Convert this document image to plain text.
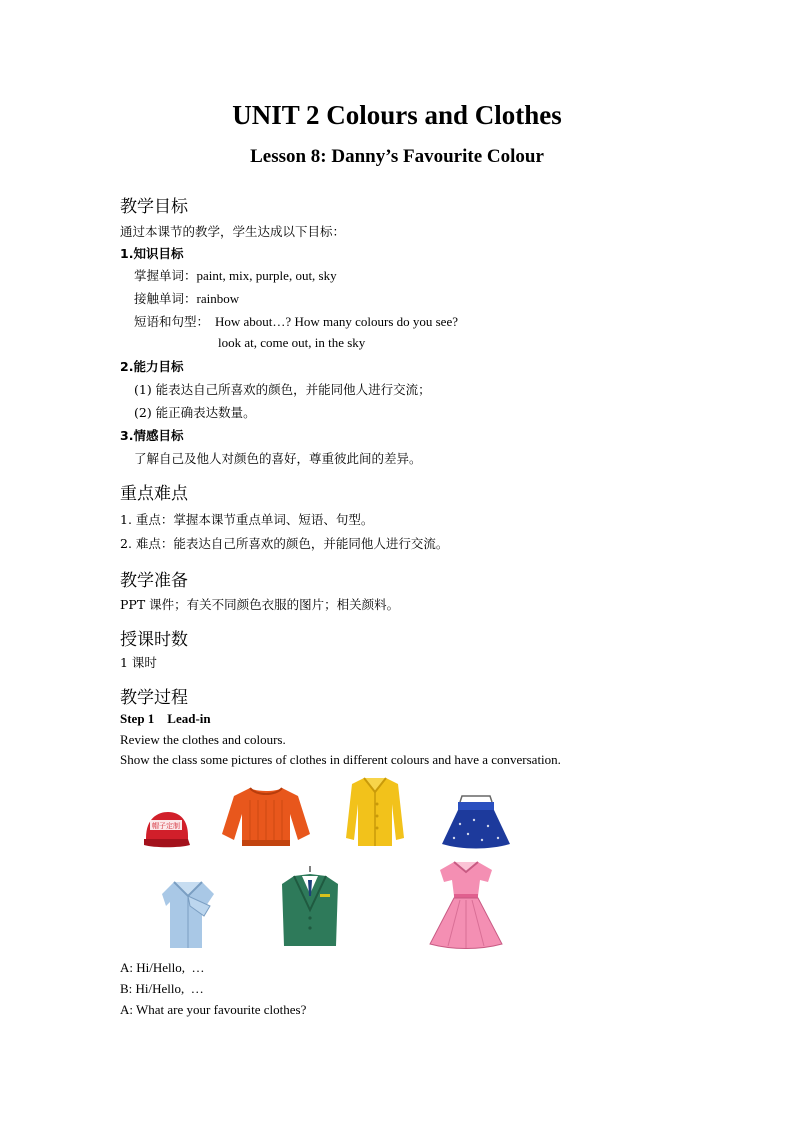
UNIT 2 Colours and Clothes
Lesson 8: Danny’s Favourite Colour
教学目标
通过本课节的教学，学生达成以下目标：
1.知识目标
掌握单词：paint, mix, purple, out, sky
接触单词：rainbow
短语和句型： How about…? How many colours do you see?
look at, come out, in the sky
2.能力目标
(1) 能表达自己所喜欢的颜色，并能同他人进行交流；
(2) 能正确表达数量。
3.情感目标
了解自己及他人对颜色的喜好，尊重彼此间的差异。
重点难点
1. 重点：掌握本课节重点单词、短语、句型。
2. 难点：能表达自己所喜欢的颜色，并能同他人进行交流。
教学准备
PPT 课件；有关不同颜色衣服的图片；相关颜料。
授课时数
1 课时
教学过程
Step 1    Lead-in
Review the clothes and colours.
Show the class some pictures of clothes in different colours and have a conversation.
帽子定制
A: Hi/Hello,  …
B: Hi/Hello,  …
A: What are your favourite clothes?
